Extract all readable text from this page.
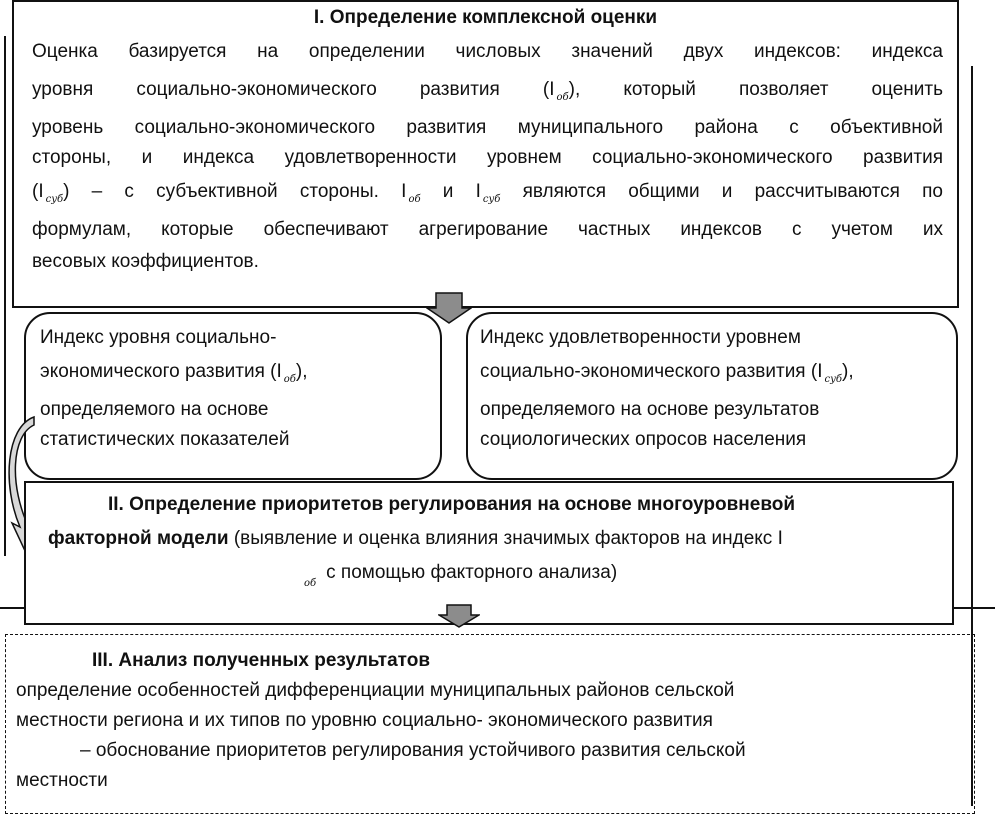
I. Определение комплексной оценки
Оценка базируется на определении числовых значений двух индексов: индекса
уровня социально-экономического развития (I $_{об}$), который позволяет оценить
уровень социально-экономического развития муниципального района с объективной
стороны, и индекса удовлетворенности уровнем социально-экономического развития
(I $_{суб}$) – с субъективной стороны. I $_{об}$ и I $_{суб}$ являются общими и рассчитываются по
формулам, которые обеспечивают агрегирование частных индексов с учетом их
весовых коэффициентов.
Индекс уровня социально-
экономического развития (I $_{об}$),
определяемого на основе
статистических показателей
Индекс удовлетворенности уровнем
социально-экономического развития (I $_{суб}$),
определяемого на основе результатов
социологических опросов населения
II. Определение приоритетов регулирования на основе многоуровневой
факторной модели (выявление и оценка влияния значимых факторов на индекс I
$_{об}$с помощью факторного анализа)
III. Анализ полученных результатов
определение особенностей дифференциации муниципальных районов сельской
местности региона и их типов по уровню социально- экономического развития
– обоснование приоритетов регулирования устойчивого развития сельской
местности
